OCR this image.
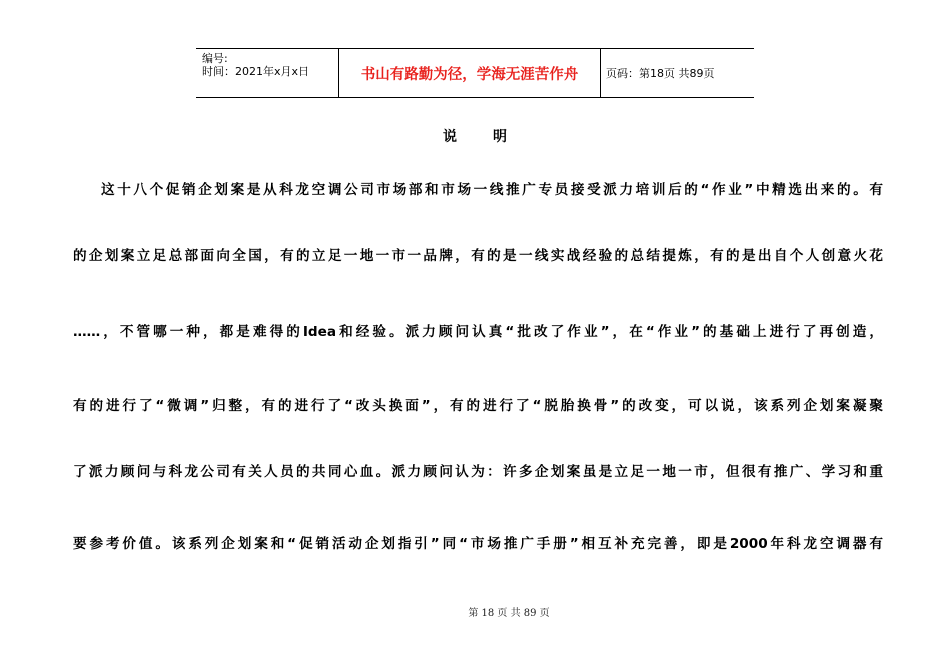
编号:
时间：2021年x月x日	书山有路勤为径，学海无涯苦作舟	页码：第18页 共89页
说明
这十八个促销企划案是从科龙空调公司市场部和市场一线推广专员接受派力培训后的“作业”中精选出来的。有
的企划案立足总部面向全国，有的立足一地一市一品牌，有的是一线实战经验的总结提炼，有的是出自个人创意火花
……，不管哪一种，都是难得的Idea和经验。派力顾问认真“批改了作业”，在“作业”的基础上进行了再创造，
有的进行了“微调”归整，有的进行了“改头换面”，有的进行了“脱胎换骨”的改变，可以说，该系列企划案凝聚
了派力顾问与科龙公司有关人员的共同心血。派力顾问认为：许多企划案虽是立足一地一市，但很有推广、学习和重
要参考价值。该系列企划案和“促销活动企划指引”同“市场推广手册”相互补充完善，即是2000年科龙空调器有
第 18 页 共 89 页
